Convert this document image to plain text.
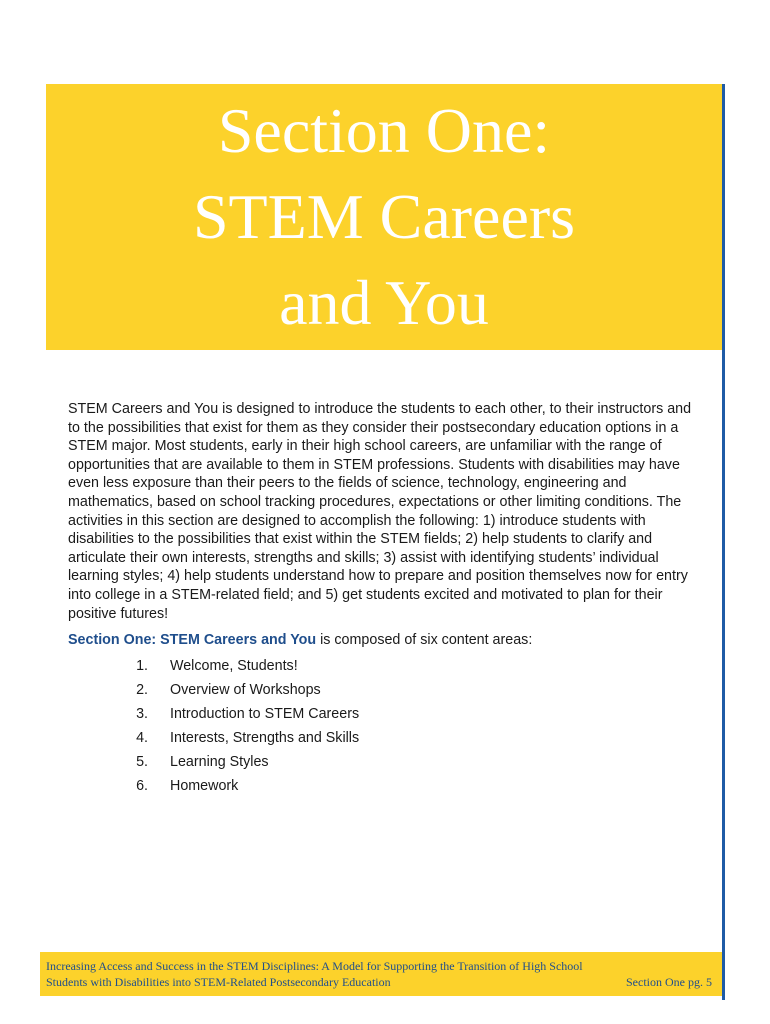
Section One:
STEM Careers
and You

STEM Careers and You is designed to introduce the students to each other, to their instructors and to the possibilities that exist for them as they consider their postsecondary education options in a STEM major. Most students, early in their high school careers, are unfamiliar with the range of opportunities that are available to them in STEM professions. Students with disabilities may have even less exposure than their peers to the fields of science, technology, engineering and mathematics, based on school tracking procedures, expectations or other limiting conditions. The activities in this section are designed to accomplish the following: 1) introduce students with disabilities to the possibilities that exist within the STEM fields; 2) help students to clarify and articulate their own interests, strengths and skills; 3) assist with identifying students’ individual learning styles; 4) help students understand how to prepare and position themselves now for entry into college in a STEM-related field; and 5) get students excited and motivated to plan for their positive futures!

Section One: STEM Careers and You is composed of six content areas:

1. Welcome, Students!
2. Overview of Workshops
3. Introduction to STEM Careers
4. Interests, Strengths and Skills
5. Learning Styles
6. Homework

Increasing Access and Success in the STEM Disciplines: A Model for Supporting the Transition of High School
Students with Disabilities into STEM-Related Postsecondary Education	Section One pg. 5
